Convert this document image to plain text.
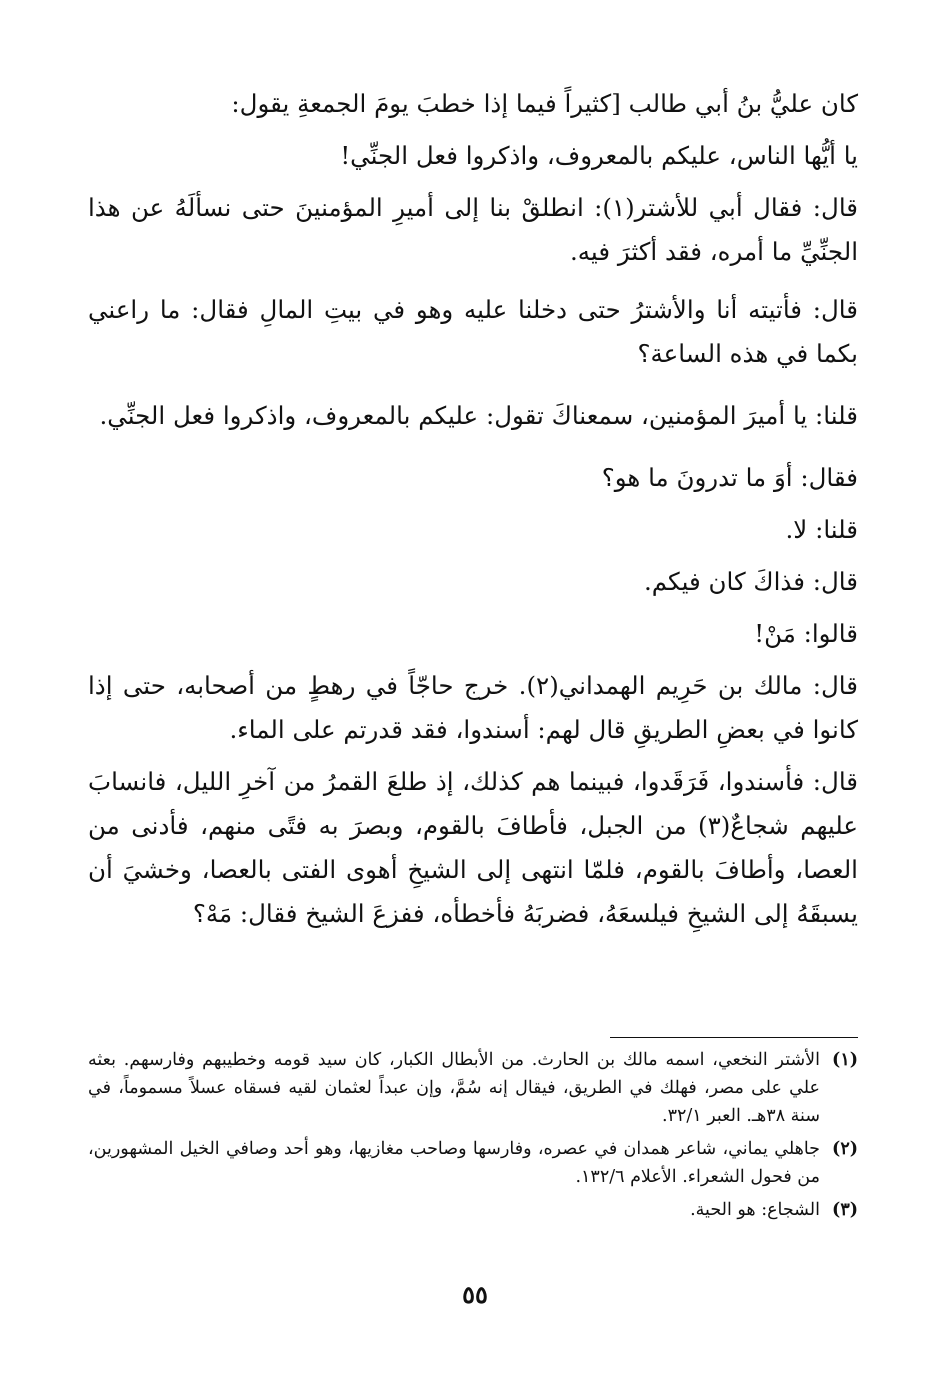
كان عليُّ بنُ أبي طالب [كثيراً فيما إذا خطبَ يومَ الجمعةِ يقول:

يا أيُّها الناس، عليكم بالمعروف، واذكروا فعل الجنِّي!

قال: فقال أبي للأشتر(١): انطلقْ بنا إلى أميرِ المؤمنينَ حتى نسألَهُ عن هذا الجنِّيِّ ما أمره، فقد أكثرَ فيه.

قال: فأتيته أنا والأشترُ حتى دخلنا عليه وهو في بيتِ المالِ فقال: ما راعني بكما في هذه الساعة؟

قلنا: يا أميرَ المؤمنين، سمعناكَ تقول: عليكم بالمعروف، واذكروا فعل الجنِّي.

فقال: أوَ ما تدرونَ ما هو؟

قلنا: لا.

قال: فذاكَ كان فيكم.

قالوا: مَنْ!

قال: مالك بن حَرِيم الهمداني(٢). خرج حاجّاً في رهطٍ من أصحابه، حتى إذا كانوا في بعضِ الطريقِ قال لهم: أسندوا، فقد قدرتم على الماء.

قال: فأسندوا، فَرَقَدوا، فبينما هم كذلك، إذ طلعَ القمرُ من آخرِ الليل، فانسابَ عليهم شجاعٌ(٣) من الجبل، فأطافَ بالقوم، وبصرَ به فتًى منهم، فأدنى من العصا، وأطافَ بالقوم، فلمّا انتهى إلى الشيخِ أهوى الفتى بالعصا، وخشيَ أن يسبقَهُ إلى الشيخِ فيلسعَهُ، فضربَهُ فأخطأه، ففزعَ الشيخ فقال: مَهْ؟

(١)
الأشتر النخعي، اسمه مالك بن الحارث. من الأبطال الكبار، كان سيد قومه وخطيبهم وفارسهم. بعثه علي على مصر، فهلك في الطريق، فيقال إنه سُمَّ، وإن عبداً لعثمان لقيه فسقاه عسلاً مسموماً، في سنة ٣٨هـ. العبر ٣٢/١.
(٢)
جاهلي يماني، شاعر همدان في عصره، وفارسها وصاحب مغازيها، وهو أحد وصافي الخيل المشهورين، من فحول الشعراء. الأعلام ١٣٢/٦.
(٣)
الشجاع: هو الحية.
٥٥
